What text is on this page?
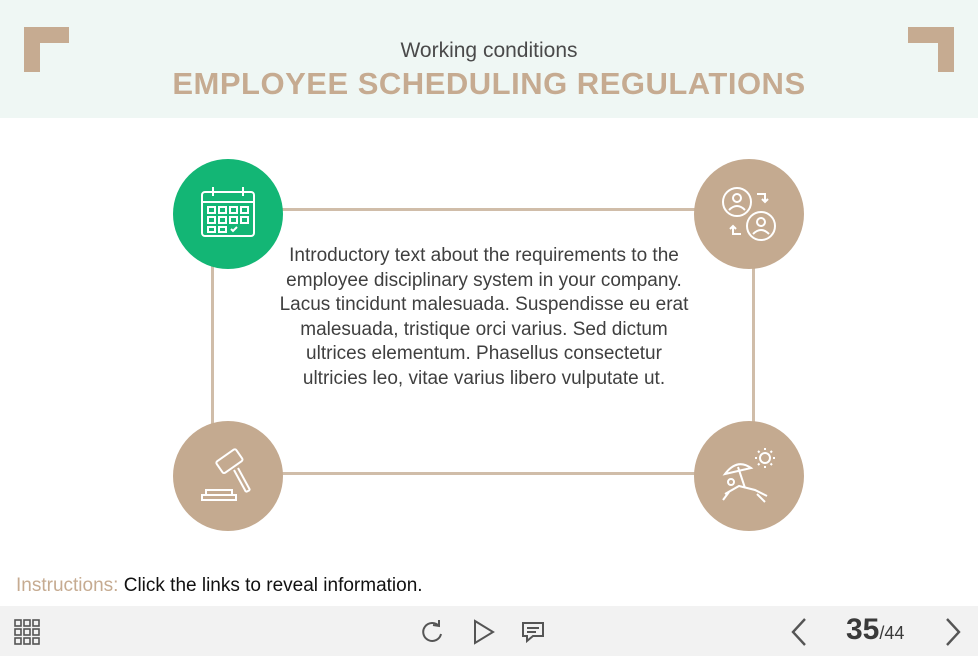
Working conditions
EMPLOYEE SCHEDULING REGULATIONS

Introductory text about the requirements to the employee disciplinary system in your company.

Lacus tincidunt malesuada. Suspendisse eu erat malesuada, tristique orci varius. Sed dictum ultrices elementum. Phasellus consectetur ultricies leo, vitae varius libero vulputate ut.

Instructions: Click the links to reveal information.
35/44
